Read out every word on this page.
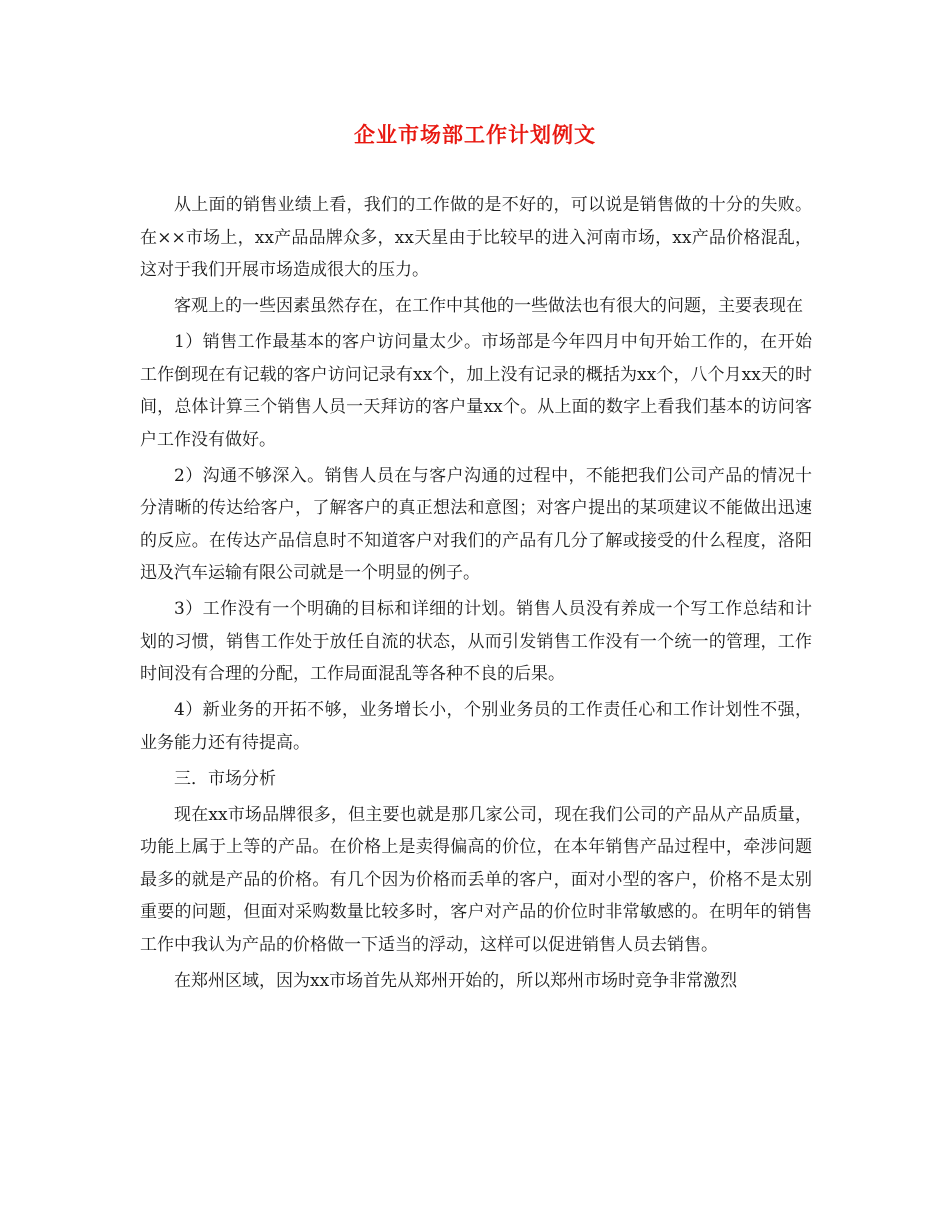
企业市场部工作计划例文

从上面的销售业绩上看，我们的工作做的是不好的，可以说是销售做的十分的失败。在××市场上，xx产品品牌众多，xx天星由于比较早的进入河南市场，xx产品价格混乱，这对于我们开展市场造成很大的压力。

客观上的一些因素虽然存在，在工作中其他的一些做法也有很大的问题，主要表现在

1）销售工作最基本的客户访问量太少。市场部是今年四月中旬开始工作的，在开始工作倒现在有记载的客户访问记录有xx个，加上没有记录的概括为xx个，八个月xx天的时间，总体计算三个销售人员一天拜访的客户量xx个。从上面的数字上看我们基本的访问客户工作没有做好。

2）沟通不够深入。销售人员在与客户沟通的过程中，不能把我们公司产品的情况十分清晰的传达给客户，了解客户的真正想法和意图；对客户提出的某项建议不能做出迅速的反应。在传达产品信息时不知道客户对我们的产品有几分了解或接受的什么程度，洛阳迅及汽车运输有限公司就是一个明显的例子。

3）工作没有一个明确的目标和详细的计划。销售人员没有养成一个写工作总结和计划的习惯，销售工作处于放任自流的状态，从而引发销售工作没有一个统一的管理，工作时间没有合理的分配，工作局面混乱等各种不良的后果。

4）新业务的开拓不够，业务增长小，个别业务员的工作责任心和工作计划性不强，业务能力还有待提高。

三．市场分析

现在xx市场品牌很多，但主要也就是那几家公司，现在我们公司的产品从产品质量，功能上属于上等的产品。在价格上是卖得偏高的价位，在本年销售产品过程中，牵涉问题最多的就是产品的价格。有几个因为价格而丢单的客户，面对小型的客户，价格不是太别重要的问题，但面对采购数量比较多时，客户对产品的价位时非常敏感的。在明年的销售工作中我认为产品的价格做一下适当的浮动，这样可以促进销售人员去销售。

在郑州区域，因为xx市场首先从郑州开始的，所以郑州市场时竞争非常激烈
